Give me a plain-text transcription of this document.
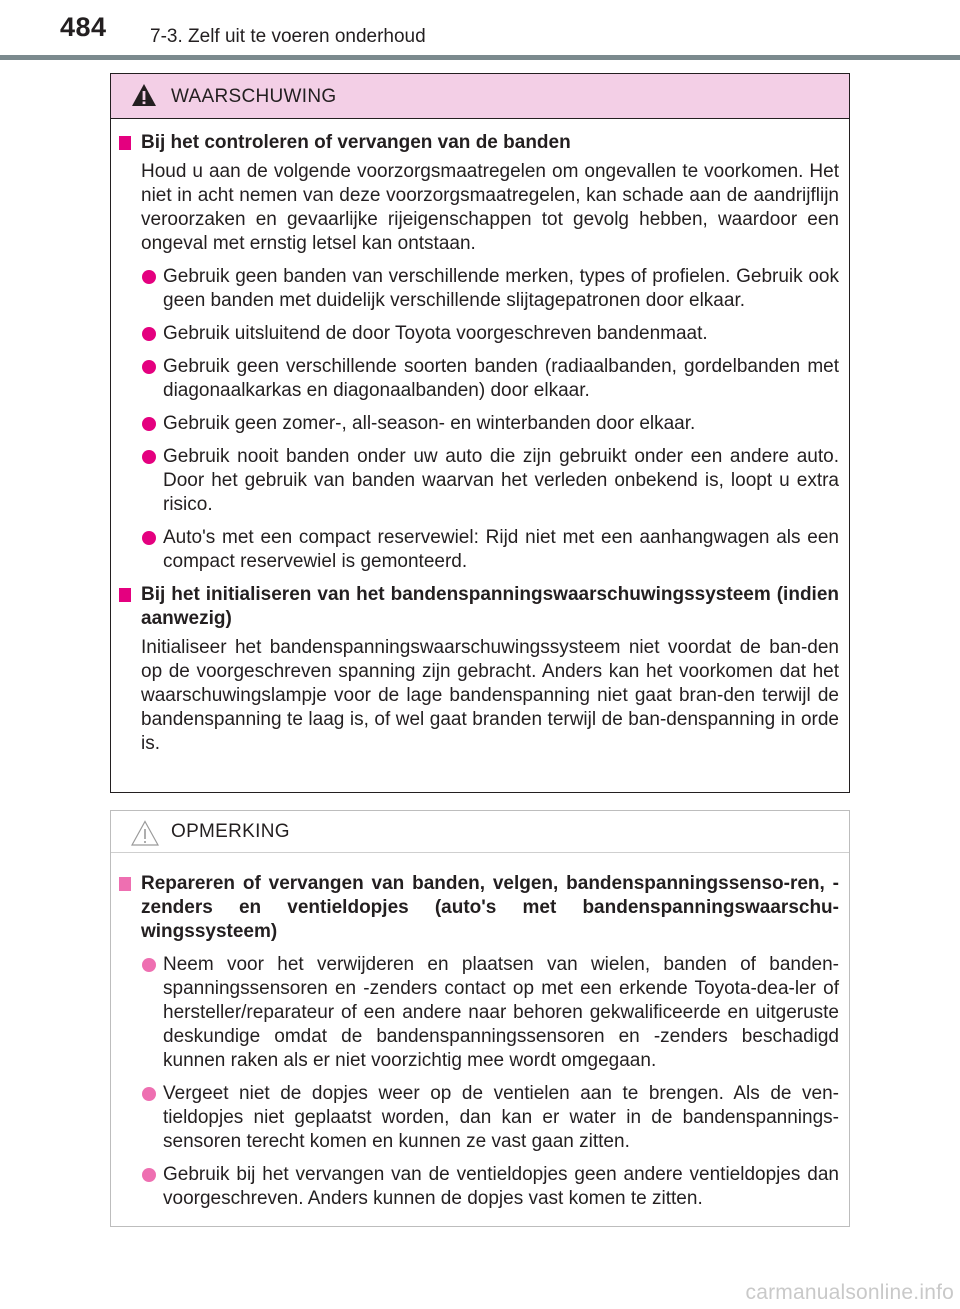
484 7-3. Zelf uit te voeren onderhoud
WAARSCHUWING
Bij het controleren of vervangen van de banden
Houd u aan de volgende voorzorgsmaatregelen om ongevallen te voorkomen. Het niet in acht nemen van deze voorzorgsmaatregelen, kan schade aan de aandrijflijn veroorzaken en gevaarlijke rijeigenschappen tot gevolg hebben, waardoor een ongeval met ernstig letsel kan ontstaan.
Gebruik geen banden van verschillende merken, types of profielen. Gebruik ook geen banden met duidelijk verschillende slijtagepatronen door elkaar.
Gebruik uitsluitend de door Toyota voorgeschreven bandenmaat.
Gebruik geen verschillende soorten banden (radiaalbanden, gordelbanden met diagonaalkarkas en diagonaalbanden) door elkaar.
Gebruik geen zomer-, all-season- en winterbanden door elkaar.
Gebruik nooit banden onder uw auto die zijn gebruikt onder een andere auto. Door het gebruik van banden waarvan het verleden onbekend is, loopt u extra risico.
Auto's met een compact reservewiel: Rijd niet met een aanhangwagen als een compact reservewiel is gemonteerd.
Bij het initialiseren van het bandenspanningswaarschuwingssysteem (indien aanwezig)
Initialiseer het bandenspanningswaarschuwingssysteem niet voordat de ban-den op de voorgeschreven spanning zijn gebracht. Anders kan het voorkomen dat het waarschuwingslampje voor de lage bandenspanning niet gaat bran-den terwijl de bandenspanning te laag is, of wel gaat branden terwijl de ban-denspanning in orde is.
OPMERKING
Repareren of vervangen van banden, velgen, bandenspanningssenso-ren, -zenders en ventieldopjes (auto's met bandenspanningswaarschu-wingssysteem)
Neem voor het verwijderen en plaatsen van wielen, banden of banden-spanningssensoren en -zenders contact op met een erkende Toyota-dea-ler of hersteller/reparateur of een andere naar behoren gekwalificeerde en uitgeruste deskundige omdat de bandenspanningssensoren en -zenders beschadigd kunnen raken als er niet voorzichtig mee wordt omgegaan.
Vergeet niet de dopjes weer op de ventielen aan te brengen. Als de ven-tieldopjes niet geplaatst worden, dan kan er water in de bandenspannings-sensoren terecht komen en kunnen ze vast gaan zitten.
Gebruik bij het vervangen van de ventieldopjes geen andere ventieldopjes dan voorgeschreven. Anders kunnen de dopjes vast komen te zitten.
carmanualsonline.info
